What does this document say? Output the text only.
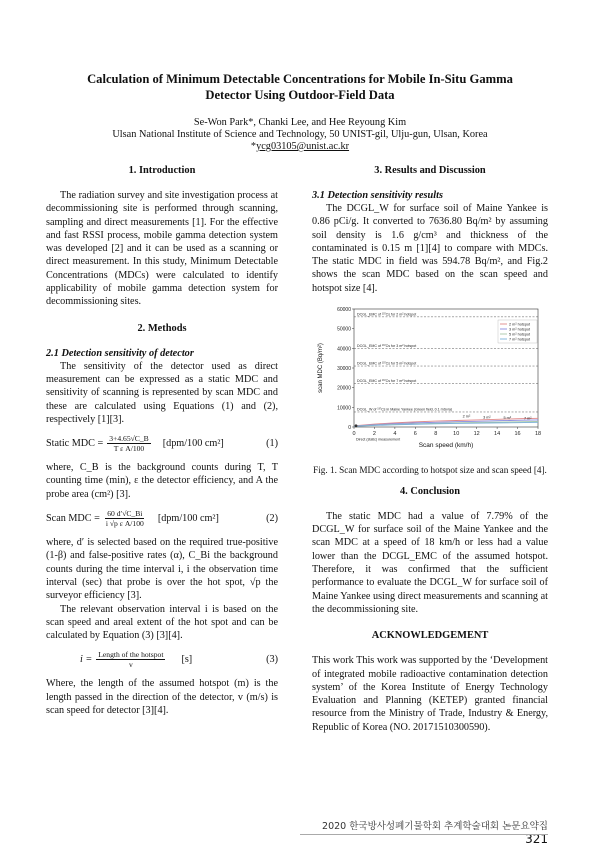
Calculation of Minimum Detectable Concentrations for Mobile In-Situ Gamma
Detector Using Outdoor-Field Data
Se-Won Park*, Chanki Lee, and Hee Reyoung Kim
Ulsan National Institute of Science and Technology, 50 UNIST-gil, Ulju-gun, Ulsan, Korea
*ycg03105@unist.ac.kr
1. Introduction

The radiation survey and site investigation process at decommissioning site is performed through scanning, sampling and direct measurements [1]. For the effective and fast RSSI process, mobile gamma detection system was developed [2] and it can be used as a scanning or direct measurement. In this study, Minimum Detectable Concentrations (MDCs) were calculated to identify applicability of mobile gamma detection system for decommissioning sites.

2. Methods
2.1 Detection sensitivity of detector

The sensitivity of the detector used as direct measurement can be expressed as a static MDC and sensitivity of scanning is represented by scan MDC and these are calculated using Equations (1) and (2), respectively [1][3].

Static MDC = $\frac{3+4.65√C\_B}{\text{T ε A/100}} [dpm/100$ cm²]	(1)

where, C_B is the background counts during T, T counting time (min), ε the detector efficiency, and A the probe area (cm²) [3].

Scan MDC = $\frac{60 d'√C\_Bi}{\text{i √p ε A/100}} [dpm/100$ cm²]	(2)

where, d′ is selected based on the required true-positive (1-β) and false-positive rates (α), C_Bi the background counts during the time interval i, i the observation time interval (sec) that probe is over the hot spot, √p the surveyor efficiency [3].

The relevant observation interval i is based on the scan speed and areal extent of the hot spot and can be calculated by Equation (3) [3][4].

$i = \frac{\text{Length of the hotspot}}{v} [s]$	(3)

Where, the length of the assumed hotspot (m) is the length passed in the direction of the detector, v (m/s) is scan speed for detector [3][4].

3. Results and Discussion
3.1 Detection sensitivity results

The DCGL_W for surface soil of Maine Yankee is 0.86 pCi/g. It converted to 7636.80 Bq/m² by assuming soil density is 1.6 g/cm³ and thickness of the contaminated is 0.15 m [1][4] to compare with MDCs. The static MDC in field was 594.78 Bq/m², and Fig.2 shows the scan MDC based on the scan speed and hotspot size [4].

0
10000
20000
30000
40000
50000
60000
0	2	4	6	8	10	12	14	16	18
Scan speed (km/h)
scan MDC (Bq/m²)
DCGL_EMC of ¹³⁷Cs for 2 m² hotspot
DCGL_EMC of ¹³⁷Cs for 3 m² hotspot
DCGL_EMC of ¹³⁷Cs for 5 m² hotspot
DCGL_EMC of ¹³⁷Cs for 7 m² hotspot
DCGL_W of ¹³⁷Cs in Maine Yankee (Green field, 0.1 mSv/a)
2 m² hotspot
3 m² hotspot
5 m² hotspot
7 m² hotspot
2 m²	3 m²	5 m²	7 m²
Direct (static) measurement
Fig. 1. Scan MDC according to hotspot size and scan speed [4].
4. Conclusion

The static MDC had a value of 7.79% of the DCGL_W for surface soil of the Maine Yankee and the scan MDC at a speed of 18 km/h or less had a value lower than the DCGL_EMC of the assumed hotspot. Therefore, it was confirmed that the sufficient performance to evaluate the DCGL_W for surface soil of Maine Yankee using direct measurements and scanning at the decommissioning site.

ACKNOWLEDGEMENT

This work This work was supported by the ‘Development of integrated mobile radioactive contamination detection system’ of the Korea Institute of Energy Technology Evaluation and Planning (KETEP) granted financial resource from the Ministry of Trade, Industry & Energy, Republic of Korea (NO. 20171510300590).

2020 한국방사성폐기물학회 추계학술대회 논문요약집 321
